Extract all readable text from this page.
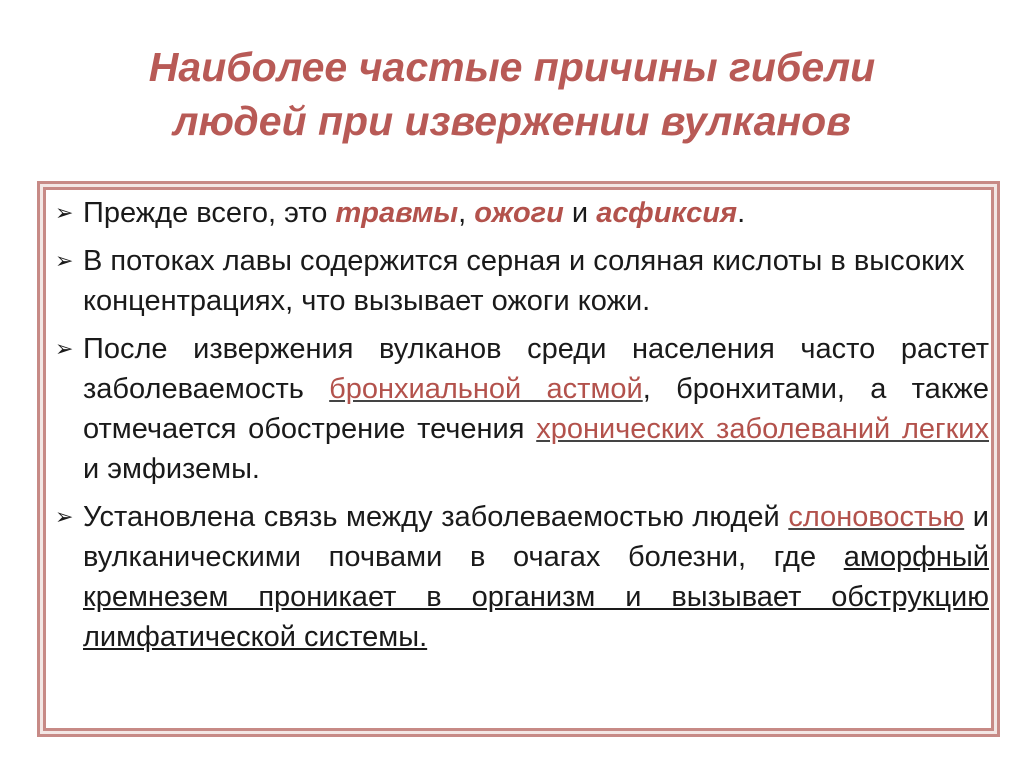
Наиболее частые причины гибели
людей при извержении вулканов
➢ Прежде всего, это травмы, ожоги и асфиксия.
➢ В потоках лавы содержится серная и соляная кислоты в высоких концентрациях, что вызывает ожоги кожи.
➢ После извержения вулканов среди населения часто растет заболеваемость бронхиальной астмой, бронхитами, а также отмечается обострение течения хронических заболеваний легких и эмфиземы.
➢ Установлена связь между заболеваемостью людей слоновостью и вулканическими почвами в очагах болезни, где аморфный кремнезем проникает в организм и вызывает обструкцию лимфатической системы.
